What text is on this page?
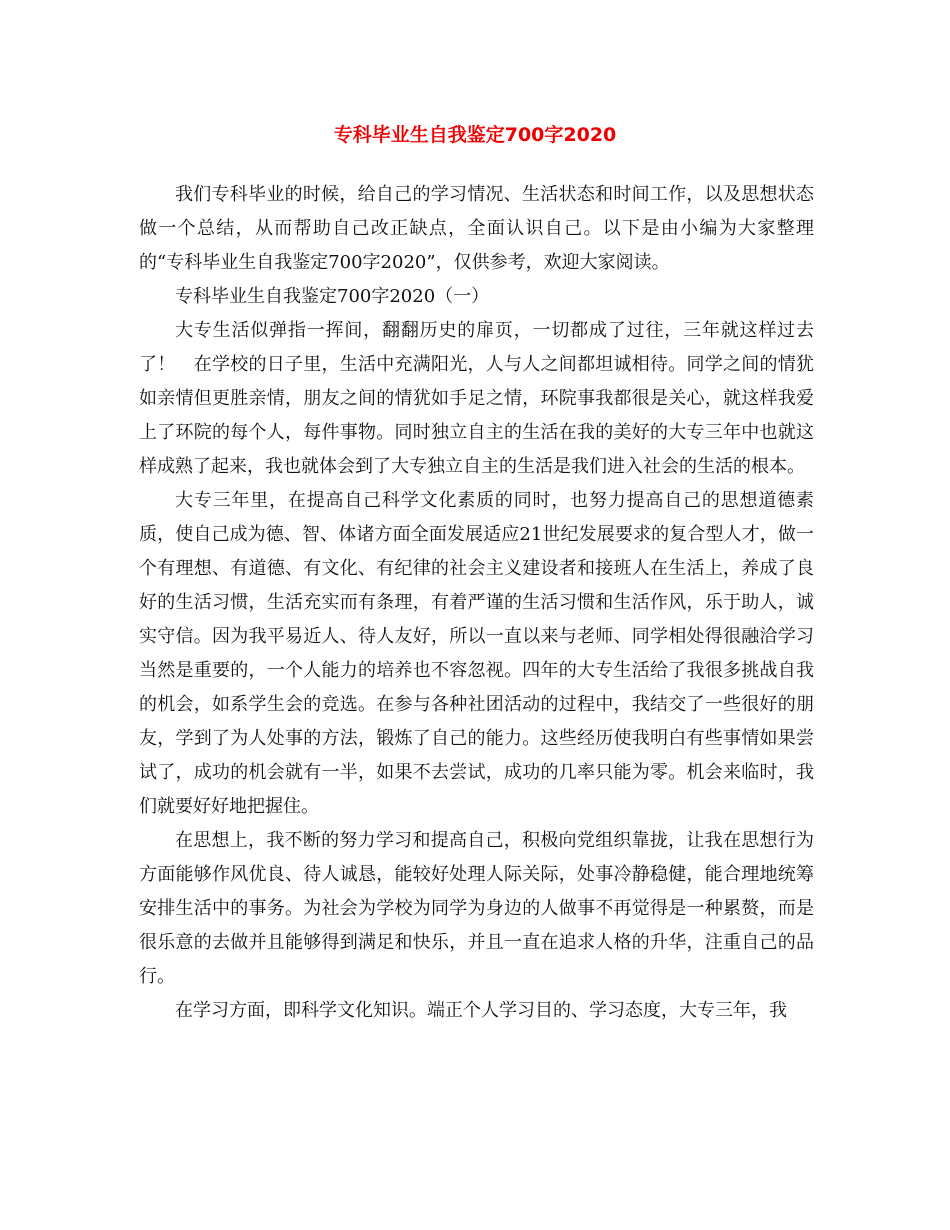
专科毕业生自我鉴定700字2020

我们专科毕业的时候，给自己的学习情况、生活状态和时间工作，以及思想状态做一个总结，从而帮助自己改正缺点，全面认识自己。以下是由小编为大家整理的“专科毕业生自我鉴定700字2020”，仅供参考，欢迎大家阅读。

专科毕业生自我鉴定700字2020（一）

大专生活似弹指一挥间，翻翻历史的扉页，一切都成了过往，三年就这样过去了！　在学校的日子里，生活中充满阳光，人与人之间都坦诚相待。同学之间的情犹如亲情但更胜亲情，朋友之间的情犹如手足之情，环院事我都很是关心，就这样我爱上了环院的每个人，每件事物。同时独立自主的生活在我的美好的大专三年中也就这样成熟了起来，我也就体会到了大专独立自主的生活是我们进入社会的生活的根本。

大专三年里，在提高自己科学文化素质的同时，也努力提高自己的思想道德素质，使自己成为德、智、体诸方面全面发展适应21世纪发展要求的复合型人才，做一个有理想、有道德、有文化、有纪律的社会主义建设者和接班人在生活上，养成了良好的生活习惯，生活充实而有条理，有着严谨的生活习惯和生活作风，乐于助人，诚实守信。因为我平易近人、待人友好，所以一直以来与老师、同学相处得很融洽学习当然是重要的，一个人能力的培养也不容忽视。四年的大专生活给了我很多挑战自我的机会，如系学生会的竞选。在参与各种社团活动的过程中，我结交了一些很好的朋友，学到了为人处事的方法，锻炼了自己的能力。这些经历使我明白有些事情如果尝试了，成功的机会就有一半，如果不去尝试，成功的几率只能为零。机会来临时，我们就要好好地把握住。

在思想上，我不断的努力学习和提高自己，积极向党组织靠拢，让我在思想行为方面能够作风优良、待人诚恳，能较好处理人际关际，处事冷静稳健，能合理地统筹安排生活中的事务。为社会为学校为同学为身边的人做事不再觉得是一种累赘，而是很乐意的去做并且能够得到满足和快乐，并且一直在追求人格的升华，注重自己的品行。

在学习方面，即科学文化知识。端正个人学习目的、学习态度，大专三年，我
